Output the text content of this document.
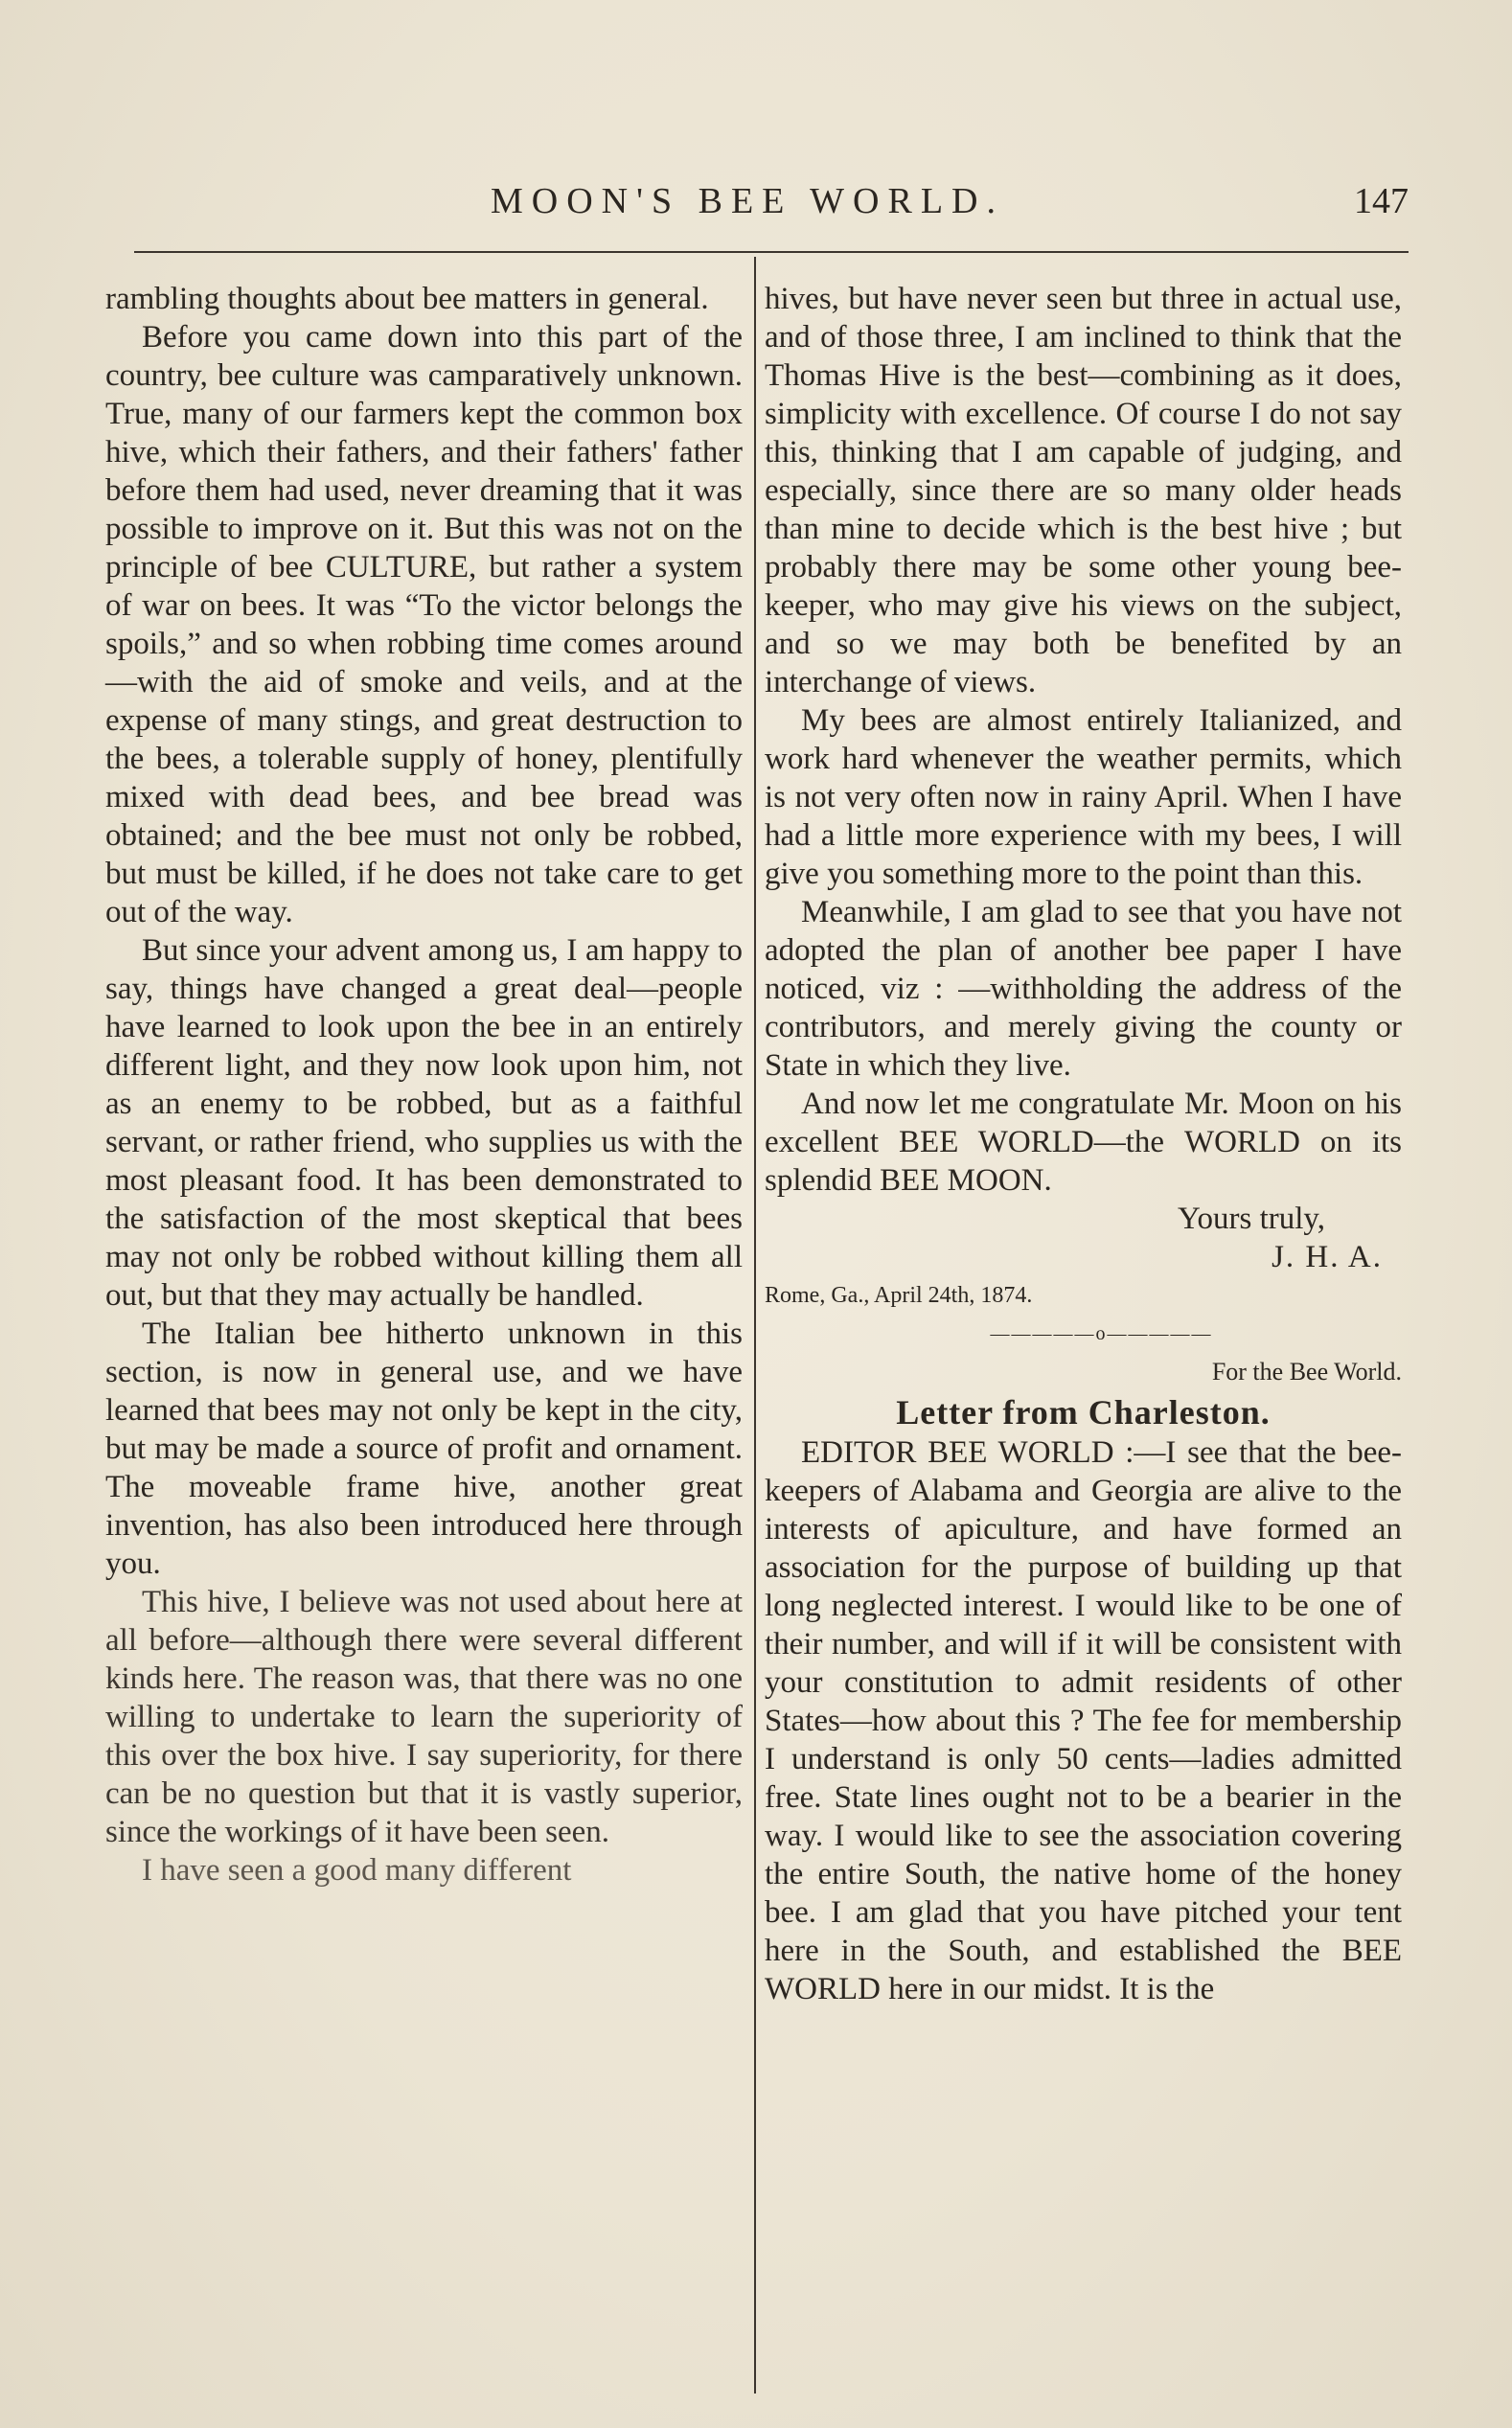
MOON'S BEE WORLD.	147

rambling thoughts about bee matters in general.

Before you came down into this part of the country, bee culture was camparatively unknown. True, many of our farmers kept the common box hive, which their fathers, and their fathers' father before them had used, never dreaming that it was possible to improve on it. But this was not on the principle of bee CULTURE, but rather a system of war on bees. It was “To the victor belongs the spoils,” and so when robbing time comes around—with the aid of smoke and veils, and at the expense of many stings, and great destruction to the bees, a tolerable supply of honey, plentifully mixed with dead bees, and bee bread was obtained; and the bee must not only be robbed, but must be killed, if he does not take care to get out of the way.

But since your advent among us, I am happy to say, things have changed a great deal—people have learned to look upon the bee in an entirely different light, and they now look upon him, not as an enemy to be robbed, but as a faithful servant, or rather friend, who supplies us with the most pleasant food. It has been demonstrated to the satisfaction of the most skeptical that bees may not only be robbed without killing them all out, but that they may actually be handled.

The Italian bee hitherto unknown in this section, is now in general use, and we have learned that bees may not only be kept in the city, but may be made a source of profit and ornament. The moveable frame hive, another great invention, has also been introduced here through you.

This hive, I believe was not used about here at all before—although there were several different kinds here. The reason was, that there was no one willing to undertake to learn the superiority of this over the box hive. I say superiority, for there can be no question but that it is vastly superior, since the workings of it have been seen.

I have seen a good many different

hives, but have never seen but three in actual use, and of those three, I am inclined to think that the Thomas Hive is the best—combining as it does, simplicity with excellence. Of course I do not say this, thinking that I am capable of judging, and especially, since there are so many older heads than mine to decide which is the best hive ; but probably there may be some other young bee-keeper, who may give his views on the subject, and so we may both be benefited by an interchange of views.

My bees are almost entirely Italianized, and work hard whenever the weather permits, which is not very often now in rainy April. When I have had a little more experience with my bees, I will give you something more to the point than this.

Meanwhile, I am glad to see that you have not adopted the plan of another bee paper I have noticed, viz : —withholding the address of the contributors, and merely giving the county or State in which they live.

And now let me congratulate Mr. Moon on his excellent BEE WORLD—the WORLD on its splendid BEE MOON.

Yours truly,

J. H. A.

Rome, Ga., April 24th, 1874.

—————o—————

For the Bee World.

Letter from Charleston.

EDITOR BEE WORLD :—I see that the bee-keepers of Alabama and Georgia are alive to the interests of apiculture, and have formed an association for the purpose of building up that long neglected interest. I would like to be one of their number, and will if it will be consistent with your constitution to admit residents of other States—how about this ? The fee for membership I understand is only 50 cents—ladies admitted free. State lines ought not to be a bearier in the way. I would like to see the association covering the entire South, the native home of the honey bee. I am glad that you have pitched your tent here in the South, and established the BEE WORLD here in our midst. It is the
